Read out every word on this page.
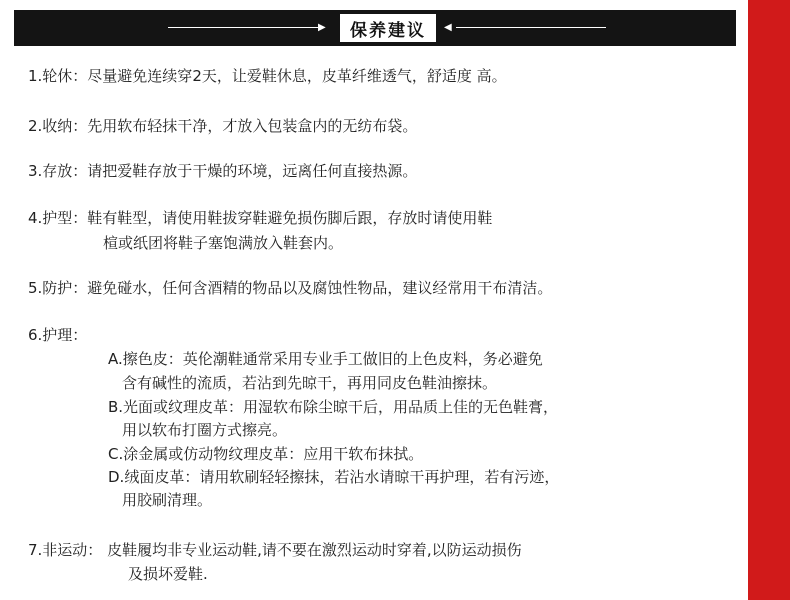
▶	保养建议	◀
1.轮休：尽量避免连续穿2天，让爱鞋休息，皮革纤维透气，舒适度 高。
2.收纳：先用软布轻抹干净，才放入包装盒内的无纺布袋。
3.存放：请把爱鞋存放于干燥的环境，远离任何直接热源。
4.护型：鞋有鞋型，请使用鞋拔穿鞋避免损伤脚后跟，存放时请使用鞋
楦或纸团将鞋子塞饱满放入鞋套内。
5.防护：避免碰水，任何含酒精的物品以及腐蚀性物品，建议经常用干布清洁。
6.护理：
A.擦色皮：英伦潮鞋通常采用专业手工做旧的上色皮料，务必避免
含有碱性的流质，若沾到先晾干，再用同皮色鞋油擦抹。
B.光面或纹理皮革：用湿软布除尘晾干后，用品质上佳的无色鞋膏，
用以软布打圈方式擦亮。
C.涂金属或仿动物纹理皮革：应用干软布抹拭。
D.绒面皮革：请用软刷轻轻擦抹，若沾水请晾干再护理，若有污迹，
用胶刷清理。
7.非运动： 皮鞋履均非专业运动鞋,请不要在激烈运动时穿着,以防运动损伤
及损坏爱鞋.
